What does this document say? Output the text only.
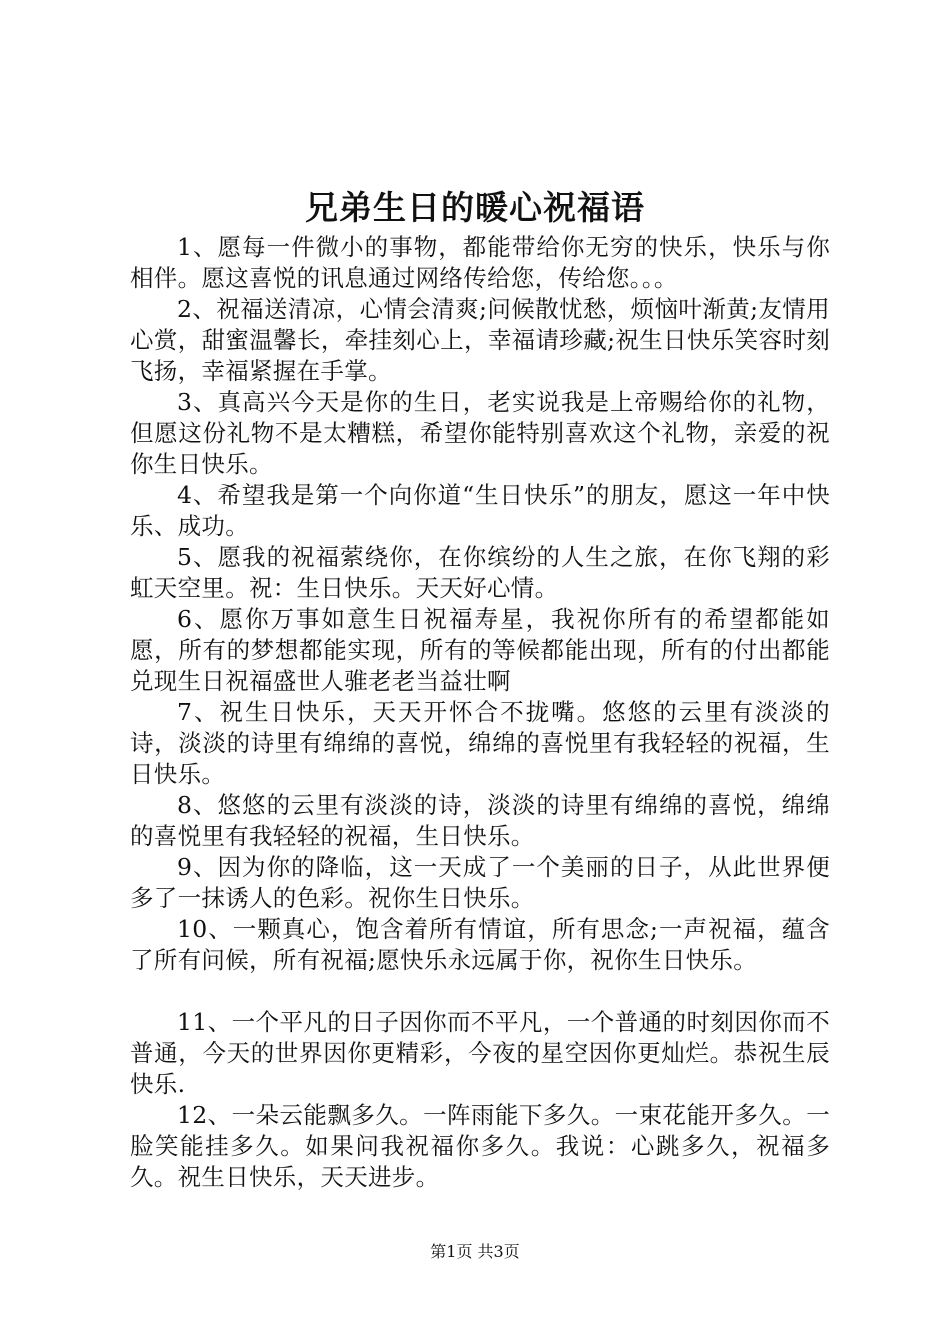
兄弟生日的暖心祝福语

1、愿每一件微小的事物，都能带给你无穷的快乐，快乐与你相伴。愿这喜悦的讯息通过网络传给您，传给您。。。

2、祝福送清凉，心情会清爽;问候散忧愁，烦恼叶渐黄;友情用心赏，甜蜜温馨长，牵挂刻心上，幸福请珍藏;祝生日快乐笑容时刻飞扬，幸福紧握在手掌。

3、真高兴今天是你的生日，老实说我是上帝赐给你的礼物，但愿这份礼物不是太糟糕，希望你能特别喜欢这个礼物，亲爱的祝你生日快乐。

4、希望我是第一个向你道“生日快乐”的朋友，愿这一年中快乐、成功。

5、愿我的祝福萦绕你，在你缤纷的人生之旅，在你飞翔的彩虹天空里。祝：生日快乐。天天好心情。

6、愿你万事如意生日祝福寿星，我祝你所有的希望都能如愿，所有的梦想都能实现，所有的等候都能出现，所有的付出都能兑现生日祝福盛世人骓老老当益壮啊

7、祝生日快乐，天天开怀合不拢嘴。悠悠的云里有淡淡的诗，淡淡的诗里有绵绵的喜悦，绵绵的喜悦里有我轻轻的祝福，生日快乐。

8、悠悠的云里有淡淡的诗，淡淡的诗里有绵绵的喜悦，绵绵的喜悦里有我轻轻的祝福，生日快乐。

9、因为你的降临，这一天成了一个美丽的日子，从此世界便多了一抹诱人的色彩。祝你生日快乐。

10、一颗真心，饱含着所有情谊，所有思念;一声祝福，蕴含了所有问候，所有祝福;愿快乐永远属于你，祝你生日快乐。

11、一个平凡的日子因你而不平凡，一个普通的时刻因你而不普通，今天的世界因你更精彩，今夜的星空因你更灿烂。恭祝生辰快乐.

12、一朵云能飘多久。一阵雨能下多久。一束花能开多久。一脸笑能挂多久。如果问我祝福你多久。我说：心跳多久，祝福多久。祝生日快乐，天天进步。

第1页 共3页
